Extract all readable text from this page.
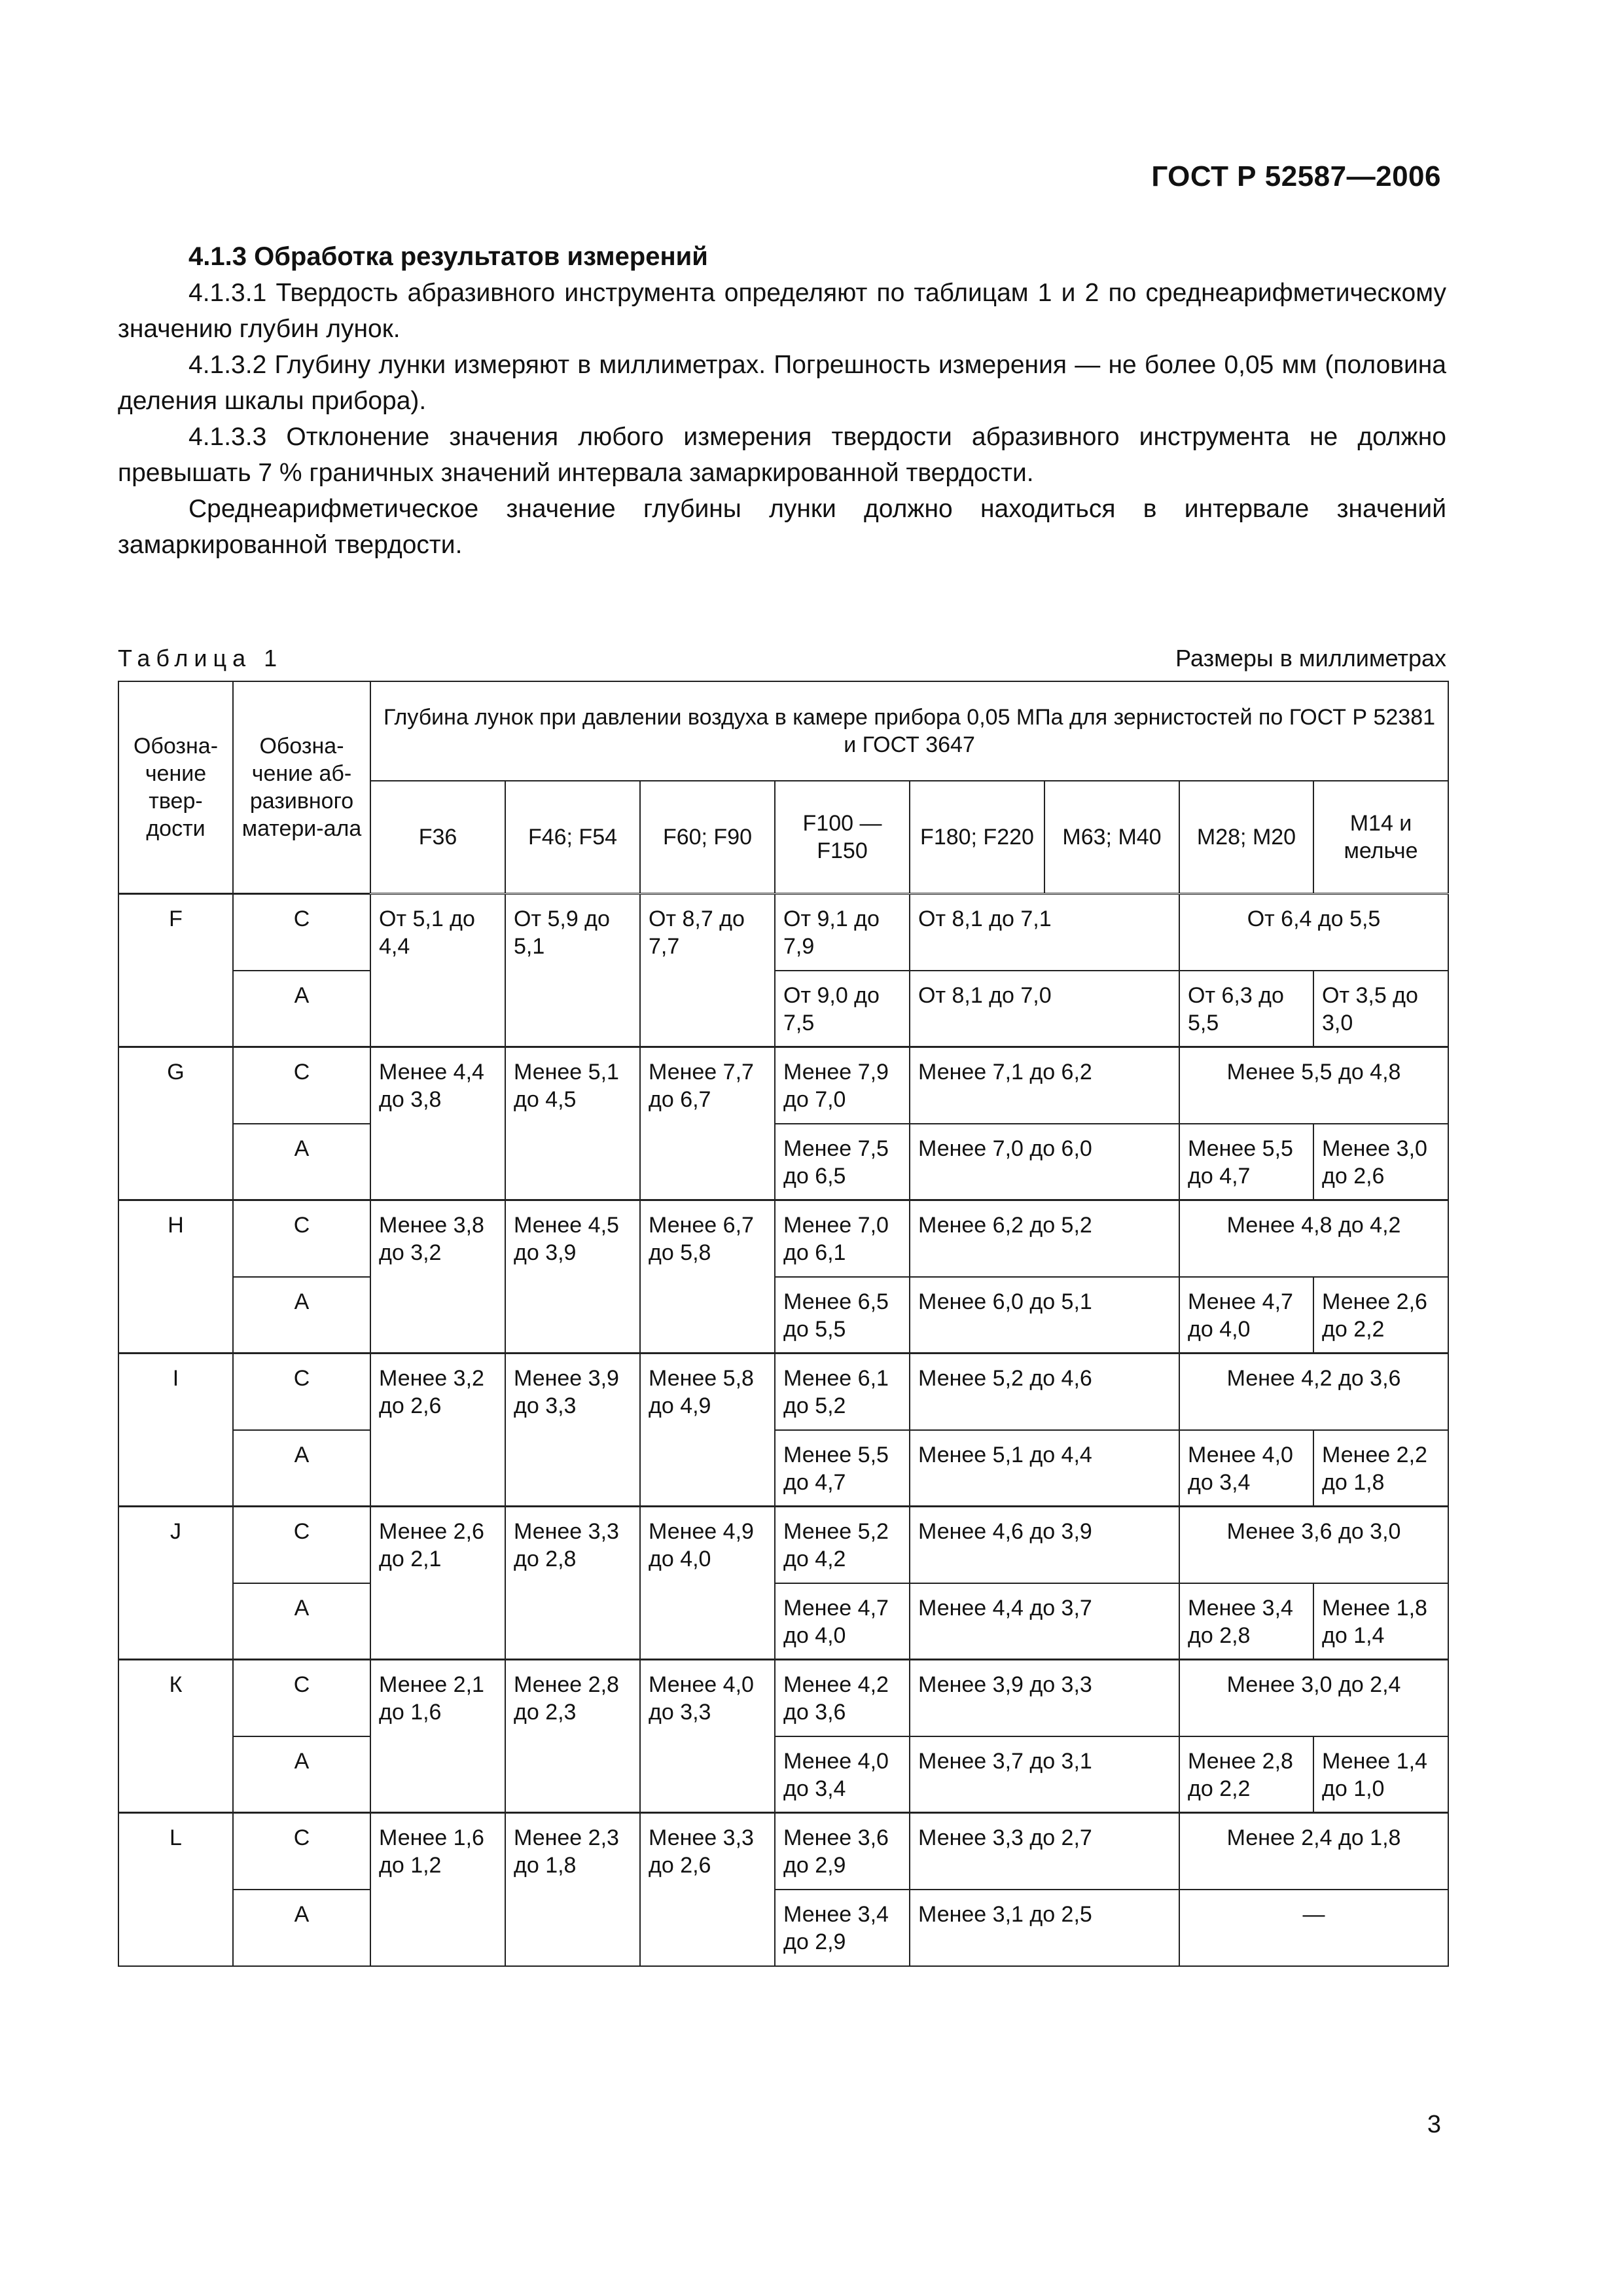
ГОСТ Р 52587—2006
4.1.3 Обработка результатов измерений

4.1.3.1 Твердость абразивного инструмента определяют по таблицам 1 и 2 по среднеарифметическому значению глубин лунок.

4.1.3.2 Глубину лунки измеряют в миллиметрах. Погрешность измерения — не более 0,05 мм (половина деления шкалы прибора).

4.1.3.3 Отклонение значения любого измерения твердости абразивного инструмента не должно превышать 7 % граничных значений интервала замаркированной твердости.

Среднеарифметическое значение глубины лунки должно находиться в интервале значений замаркированной твердости.

Таблица 1	Размеры в миллиметрах
Обозна-чение твер-дости	Обозна-чение аб-разивного матери-ала	Глубина лунок при давлении воздуха в камере прибора 0,05 МПа для зернистостей по ГОСТ Р 52381 и ГОСТ 3647							
		F36	F46; F54	F60; F90	F100 — F150	F180; F220	M63; M40	M28; M20	M14 и мельче
F	С	От 5,1 до 4,4	От 5,9 до 5,1	От 8,7 до 7,7	От 9,1 до 7,9	От 8,1 до 7,1		От 6,4 до 5,5	
	А				От 9,0 до 7,5	От 8,1 до 7,0		От 6,3 до 5,5	От 3,5 до 3,0
G	С	Менее 4,4 до 3,8	Менее 5,1 до 4,5	Менее 7,7 до 6,7	Менее 7,9 до 7,0	Менее 7,1 до 6,2		Менее 5,5 до 4,8	
	А				Менее 7,5 до 6,5	Менее 7,0 до 6,0		Менее 5,5 до 4,7	Менее 3,0 до 2,6
H	С	Менее 3,8 до 3,2	Менее 4,5 до 3,9	Менее 6,7 до 5,8	Менее 7,0 до 6,1	Менее 6,2 до 5,2		Менее 4,8 до 4,2	
	А				Менее 6,5 до 5,5	Менее 6,0 до 5,1		Менее 4,7 до 4,0	Менее 2,6 до 2,2
I	С	Менее 3,2 до 2,6	Менее 3,9 до 3,3	Менее 5,8 до 4,9	Менее 6,1 до 5,2	Менее 5,2 до 4,6		Менее 4,2 до 3,6	
	А				Менее 5,5 до 4,7	Менее 5,1 до 4,4		Менее 4,0 до 3,4	Менее 2,2 до 1,8
J	С	Менее 2,6 до 2,1	Менее 3,3 до 2,8	Менее 4,9 до 4,0	Менее 5,2 до 4,2	Менее 4,6 до 3,9		Менее 3,6 до 3,0	
	А				Менее 4,7 до 4,0	Менее 4,4 до 3,7		Менее 3,4 до 2,8	Менее 1,8 до 1,4
К	С	Менее 2,1 до 1,6	Менее 2,8 до 2,3	Менее 4,0 до 3,3	Менее 4,2 до 3,6	Менее 3,9 до 3,3		Менее 3,0 до 2,4	
	А				Менее 4,0 до 3,4	Менее 3,7 до 3,1		Менее 2,8 до 2,2	Менее 1,4 до 1,0
L	С	Менее 1,6 до 1,2	Менее 2,3 до 1,8	Менее 3,3 до 2,6	Менее 3,6 до 2,9	Менее 3,3 до 2,7		Менее 2,4 до 1,8	
	А				Менее 3,4 до 2,9	Менее 3,1 до 2,5		—	
3
